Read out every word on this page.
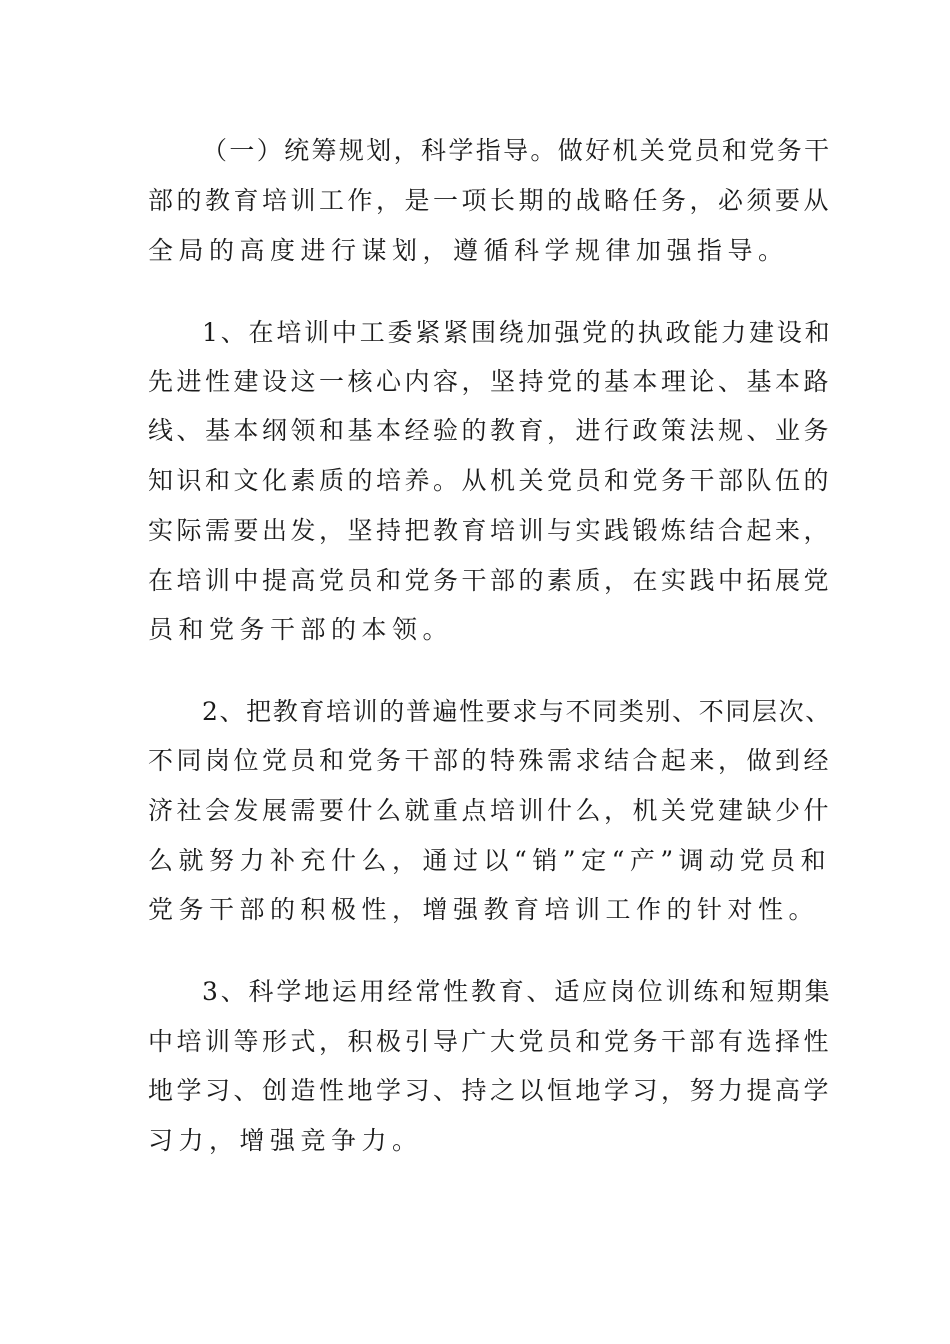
（一）统筹规划，科学指导。做好机关党员和党务干
部的教育培训工作，是一项长期的战略任务，必须要从
全局的高度进行谋划，遵循科学规律加强指导。
1、在培训中工委紧紧围绕加强党的执政能力建设和
先进性建设这一核心内容，坚持党的基本理论、基本路
线、基本纲领和基本经验的教育，进行政策法规、业务
知识和文化素质的培养。从机关党员和党务干部队伍的
实际需要出发，坚持把教育培训与实践锻炼结合起来，
在培训中提高党员和党务干部的素质，在实践中拓展党
员和党务干部的本领。
2、把教育培训的普遍性要求与不同类别、不同层次、
不同岗位党员和党务干部的特殊需求结合起来，做到经
济社会发展需要什么就重点培训什么，机关党建缺少什
么就努力补充什么，通过以“销”定“产”调动党员和
党务干部的积极性，增强教育培训工作的针对性。
3、科学地运用经常性教育、适应岗位训练和短期集
中培训等形式，积极引导广大党员和党务干部有选择性
地学习、创造性地学习、持之以恒地学习，努力提高学
习力，增强竞争力。
